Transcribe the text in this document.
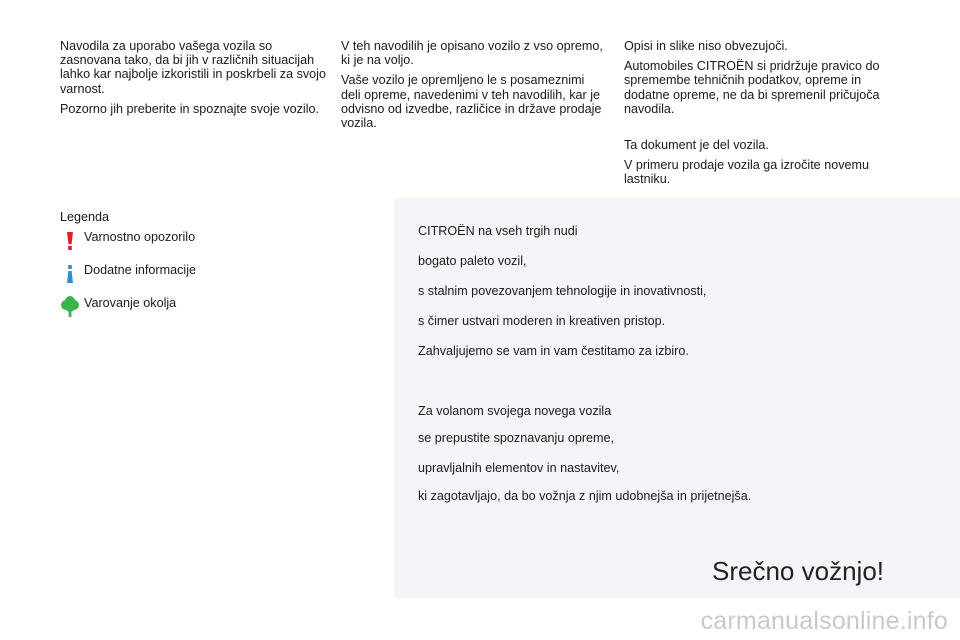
Navodila za uporabo vašega vozila so zasnovana tako, da bi jih v različnih situacijah lahko kar najbolje izkoristili in poskrbeli za svojo varnost.

Pozorno jih preberite in spoznajte svoje vozilo.

V teh navodilih je opisano vozilo z vso opremo, ki je na voljo.

Vaše vozilo je opremljeno le s posameznimi deli opreme, navedenimi v teh navodilih, kar je odvisno od izvedbe, različice in države prodaje vozila.

Opisi in slike niso obvezujoči.

Automobiles CITROËN si pridržuje pravico do spremembe tehničnih podatkov, opreme in dodatne opreme, ne da bi spremenil pričujoča navodila.

Ta dokument je del vozila.

V primeru prodaje vozila ga izročite novemu lastniku.

Legenda
Varnostno opozorilo
Dodatne informacije
Varovanje okolja
CITROËN na vseh trgih nudi
bogato paleto vozil,
s stalnim povezovanjem tehnologije in inovativnosti,
s čimer ustvari moderen in kreativen pristop.
Zahvaljujemo se vam in vam čestitamo za izbiro.
Za volanom svojega novega vozila
se prepustite spoznavanju opreme,
upravljalnih elementov in nastavitev,
ki zagotavljajo, da bo vožnja z njim udobnejša in prijetnejša.
Srečno vožnjo!
carmanualsonline.info
